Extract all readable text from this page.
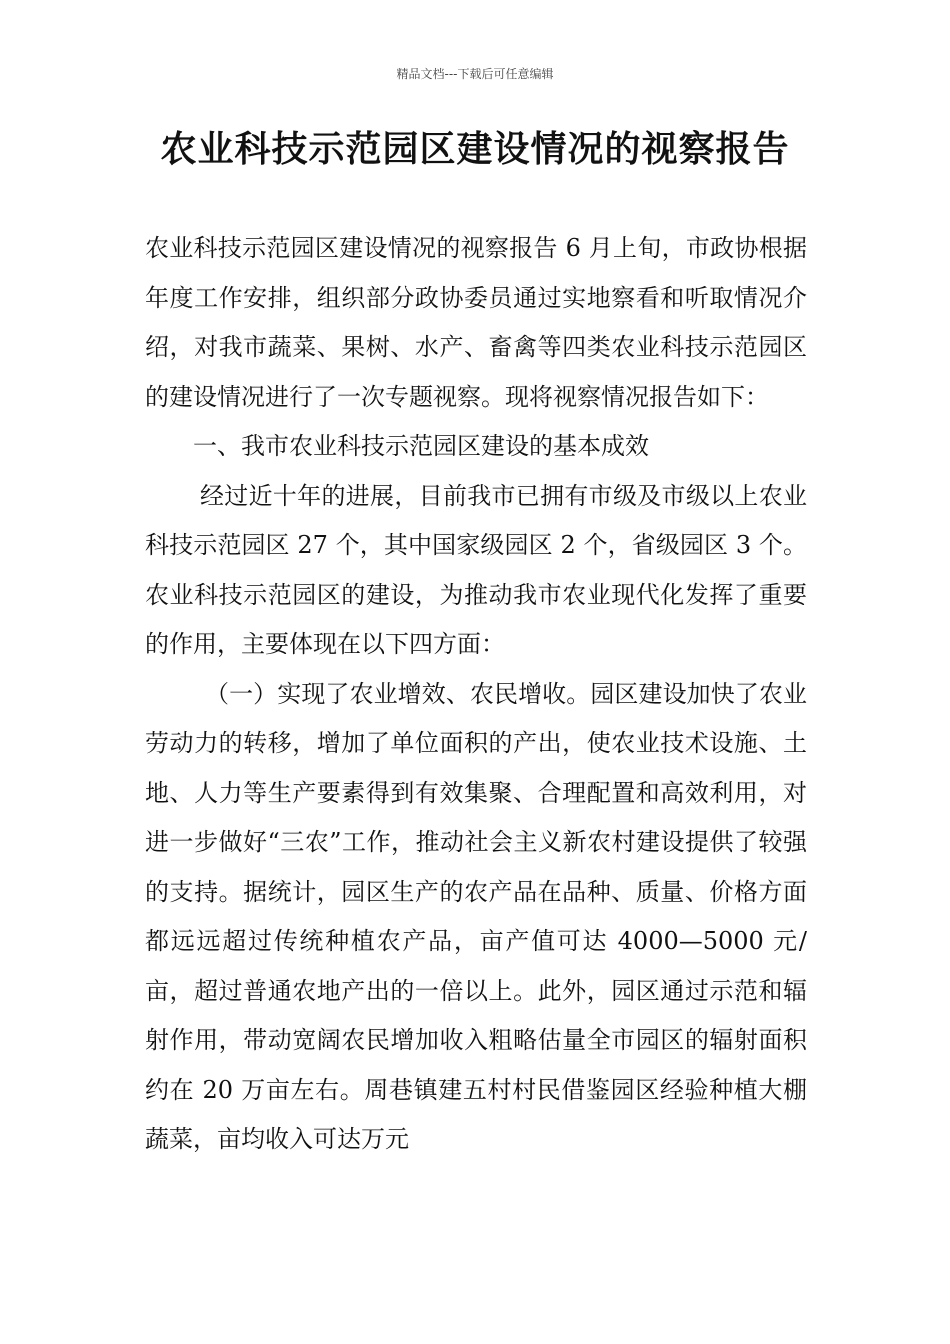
精品文档---下载后可任意编辑
农业科技示范园区建设情况的视察报告

农业科技示范园区建设情况的视察报告 6 月上旬，市政协根据年度工作安排，组织部分政协委员通过实地察看和听取情况介绍，对我市蔬菜、果树、水产、畜禽等四类农业科技示范园区的建设情况进行了一次专题视察。现将视察情况报告如下：

一、我市农业科技示范园区建设的基本成效

经过近十年的进展，目前我市已拥有市级及市级以上农业科技示范园区 27 个，其中国家级园区 2 个，省级园区 3 个。农业科技示范园区的建设，为推动我市农业现代化发挥了重要的作用，主要体现在以下四方面：

（一）实现了农业增效、农民增收。园区建设加快了农业劳动力的转移，增加了单位面积的产出，使农业技术设施、土地、人力等生产要素得到有效集聚、合理配置和高效利用，对进一步做好“三农”工作，推动社会主义新农村建设提供了较强的支持。据统计，园区生产的农产品在品种、质量、价格方面都远远超过传统种植农产品，亩产值可达 4000—5000 元/亩，超过普通农地产出的一倍以上。此外，园区通过示范和辐射作用，带动宽阔农民增加收入粗略估量全市园区的辐射面积约在 20 万亩左右。周巷镇建五村村民借鉴园区经验种植大棚蔬菜，亩均收入可达万元
